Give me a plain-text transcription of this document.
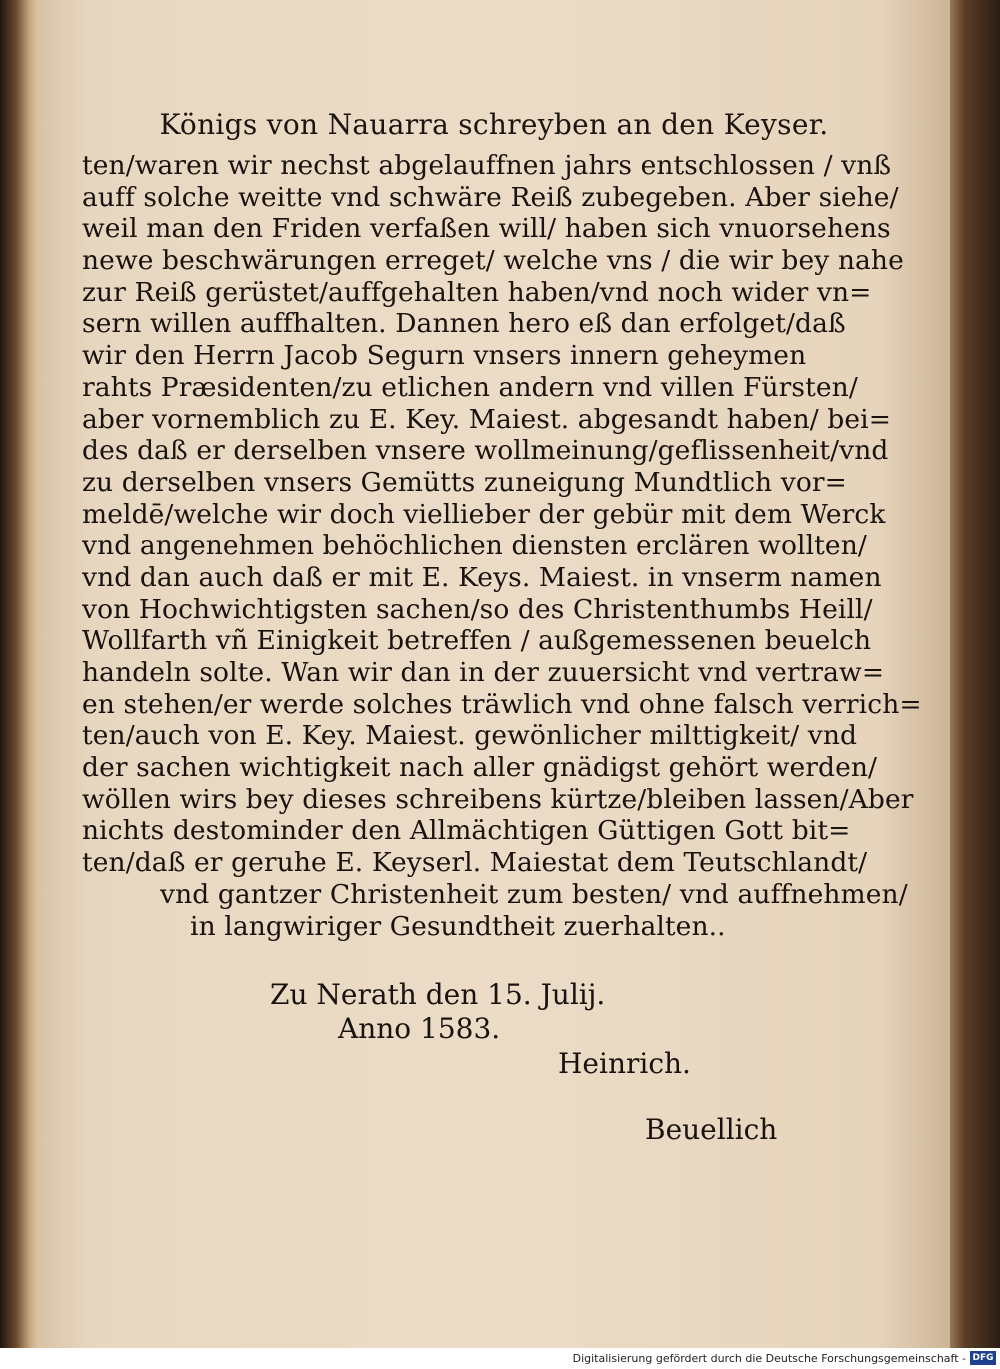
Königs von Nauarra schreyben an den Keyser.
ten/waren wir nechst abgelauffnen jahrs entschlossen / vnß
auff solche weitte vnd schwäre Reiß zubegeben. Aber siehe/
weil man den Friden verfaßen will/ haben sich vnuorsehens
newe beschwärungen erreget/ welche vns / die wir bey nahe
zur Reiß gerüstet/auffgehalten haben/vnd noch wider vn=
sern willen auffhalten. Dannen hero eß dan erfolget/daß
wir den Herrn Jacob Segurn vnsers innern geheymen
rahts Præsidenten/zu etlichen andern vnd villen Fürsten/
aber vornemblich zu E. Key. Maiest. abgesandt haben/ bei=
des daß er derselben vnsere wollmeinung/geflissenheit/vnd
zu derselben vnsers Gemütts zuneigung Mundtlich vor=
meldē/welche wir doch viellieber der gebür mit dem Werck
vnd angenehmen behöchlichen diensten erclären wollten/
vnd dan auch daß er mit E. Keys. Maiest. in vnserm namen
von Hochwichtigsten sachen/so des Christenthumbs Heill/
Wollfarth vñ Einigkeit betreffen / außgemessenen beuelch
handeln solte. Wan wir dan in der zuuersicht vnd vertraw=
en stehen/er werde solches träwlich vnd ohne falsch verrich=
ten/auch von E. Key. Maiest. gewönlicher milttigkeit/ vnd
der sachen wichtigkeit nach aller gnädigst gehört werden/
wöllen wirs bey dieses schreibens kürtze/bleiben lassen/Aber
nichts destominder den Allmächtigen Güttigen Gott bit=
ten/daß er geruhe E. Keyserl. Maiestat dem Teutschlandt/
vnd gantzer Christenheit zum besten/ vnd auffnehmen/
in langwiriger Gesundtheit zuerhalten..
Zu Nerath den 15. Julij.
Anno 1583.
Heinrich.
Beuellich
Digitalisierung gefördert durch die Deutsche Forschungsgemeinschaft - DFG
